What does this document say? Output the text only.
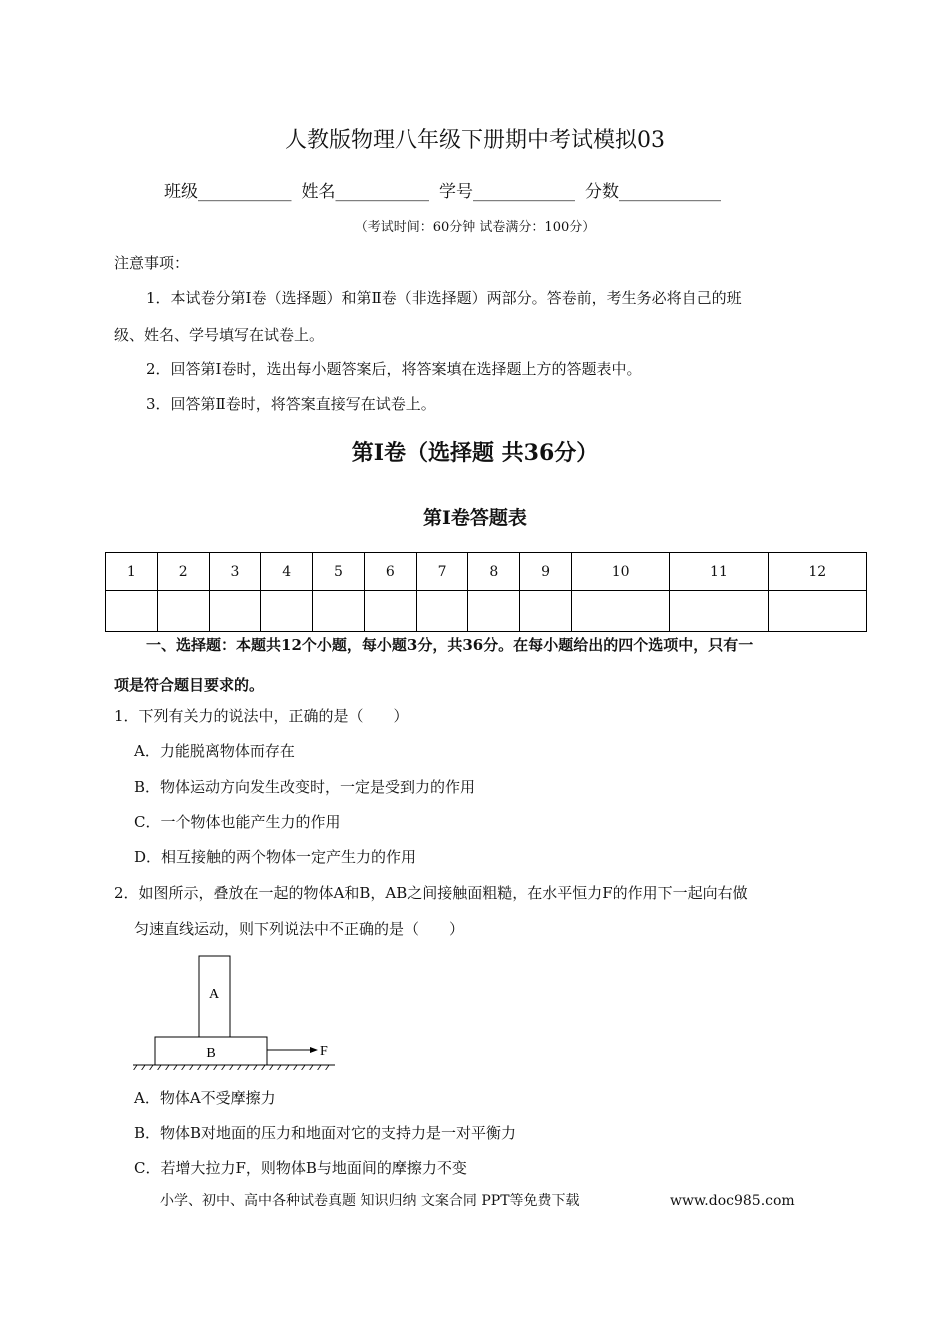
人教版物理八年级下册期中考试模拟03
班级___________ 姓名___________ 学号____________ 分数____________
（考试时间：60分钟 试卷满分：100分）
注意事项：
1．本试卷分第Ⅰ卷（选择题）和第Ⅱ卷（非选择题）两部分。答卷前，考生务必将自己的班
级、姓名、学号填写在试卷上。
2．回答第Ⅰ卷时，选出每小题答案后，将答案填在选择题上方的答题表中。
3．回答第Ⅱ卷时，将答案直接写在试卷上。
第Ⅰ卷（选择题 共36分）
第Ⅰ卷答题表
1	2	3	4	5	6	7	8	9	10	11	12

一、选择题：本题共12个小题，每小题3分，共36分。在每小题给出的四个选项中，只有一
项是符合题目要求的。
1．下列有关力的说法中，正确的是（　　）
A．力能脱离物体而存在
B．物体运动方向发生改变时，一定是受到力的作用
C．一个物体也能产生力的作用
D．相互接触的两个物体一定产生力的作用
2．如图所示，叠放在一起的物体A和B，AB之间接触面粗糙，在水平恒力F的作用下一起向右做
匀速直线运动，则下列说法中不正确的是（　　）
A
B	F
A．物体A不受摩擦力
B．物体B对地面的压力和地面对它的支持力是一对平衡力
C．若增大拉力F，则物体B与地面间的摩擦力不变
小学、初中、高中各种试卷真题 知识归纳 文案合同 PPT等免费下载	www.doc985.com
